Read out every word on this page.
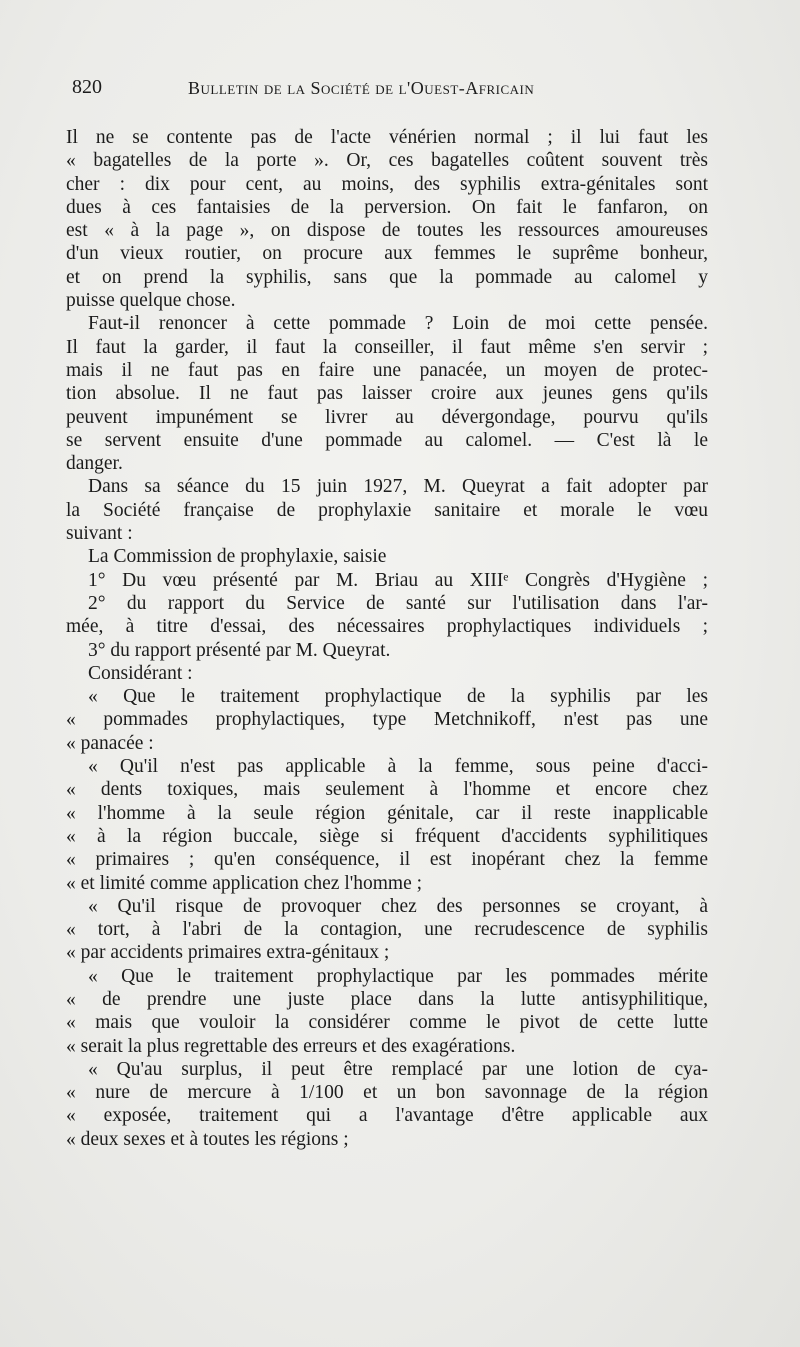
820	Bulletin de la Société de l'Ouest-Africain
Il ne se contente pas de l'acte vénérien normal ; il lui faut les
« bagatelles de la porte ». Or, ces bagatelles coûtent souvent très
cher : dix pour cent, au moins, des syphilis extra-génitales sont
dues à ces fantaisies de la perversion. On fait le fanfaron, on
est « à la page », on dispose de toutes les ressources amoureuses
d'un vieux routier, on procure aux femmes le suprême bonheur,
et on prend la syphilis, sans que la pommade au calomel y
puisse quelque chose.
Faut-il renoncer à cette pommade ? Loin de moi cette pensée.
Il faut la garder, il faut la conseiller, il faut même s'en servir ;
mais il ne faut pas en faire une panacée, un moyen de protec-
tion absolue. Il ne faut pas laisser croire aux jeunes gens qu'ils
peuvent impunément se livrer au dévergondage, pourvu qu'ils
se servent ensuite d'une pommade au calomel. — C'est là le
danger.
Dans sa séance du 15 juin 1927, M. Queyrat a fait adopter par
la Société française de prophylaxie sanitaire et morale le vœu
suivant :
La Commission de prophylaxie, saisie
1° Du vœu présenté par M. Briau au XIIIᵉ Congrès d'Hygiène ;
2° du rapport du Service de santé sur l'utilisation dans l'ar-
mée, à titre d'essai, des nécessaires prophylactiques individuels ;
3° du rapport présenté par M. Queyrat.
Considérant :
« Que le traitement prophylactique de la syphilis par les
« pommades prophylactiques, type Metchnikoff, n'est pas une
« panacée :
« Qu'il n'est pas applicable à la femme, sous peine d'acci-
« dents toxiques, mais seulement à l'homme et encore chez
« l'homme à la seule région génitale, car il reste inapplicable
« à la région buccale, siège si fréquent d'accidents syphilitiques
« primaires ; qu'en conséquence, il est inopérant chez la femme
« et limité comme application chez l'homme ;
« Qu'il risque de provoquer chez des personnes se croyant, à
« tort, à l'abri de la contagion, une recrudescence de syphilis
« par accidents primaires extra-génitaux ;
« Que le traitement prophylactique par les pommades mérite
« de prendre une juste place dans la lutte antisyphilitique,
« mais que vouloir la considérer comme le pivot de cette lutte
« serait la plus regrettable des erreurs et des exagérations.
« Qu'au surplus, il peut être remplacé par une lotion de cya-
« nure de mercure à 1/100 et un bon savonnage de la région
« exposée, traitement qui a l'avantage d'être applicable aux
« deux sexes et à toutes les régions ;
